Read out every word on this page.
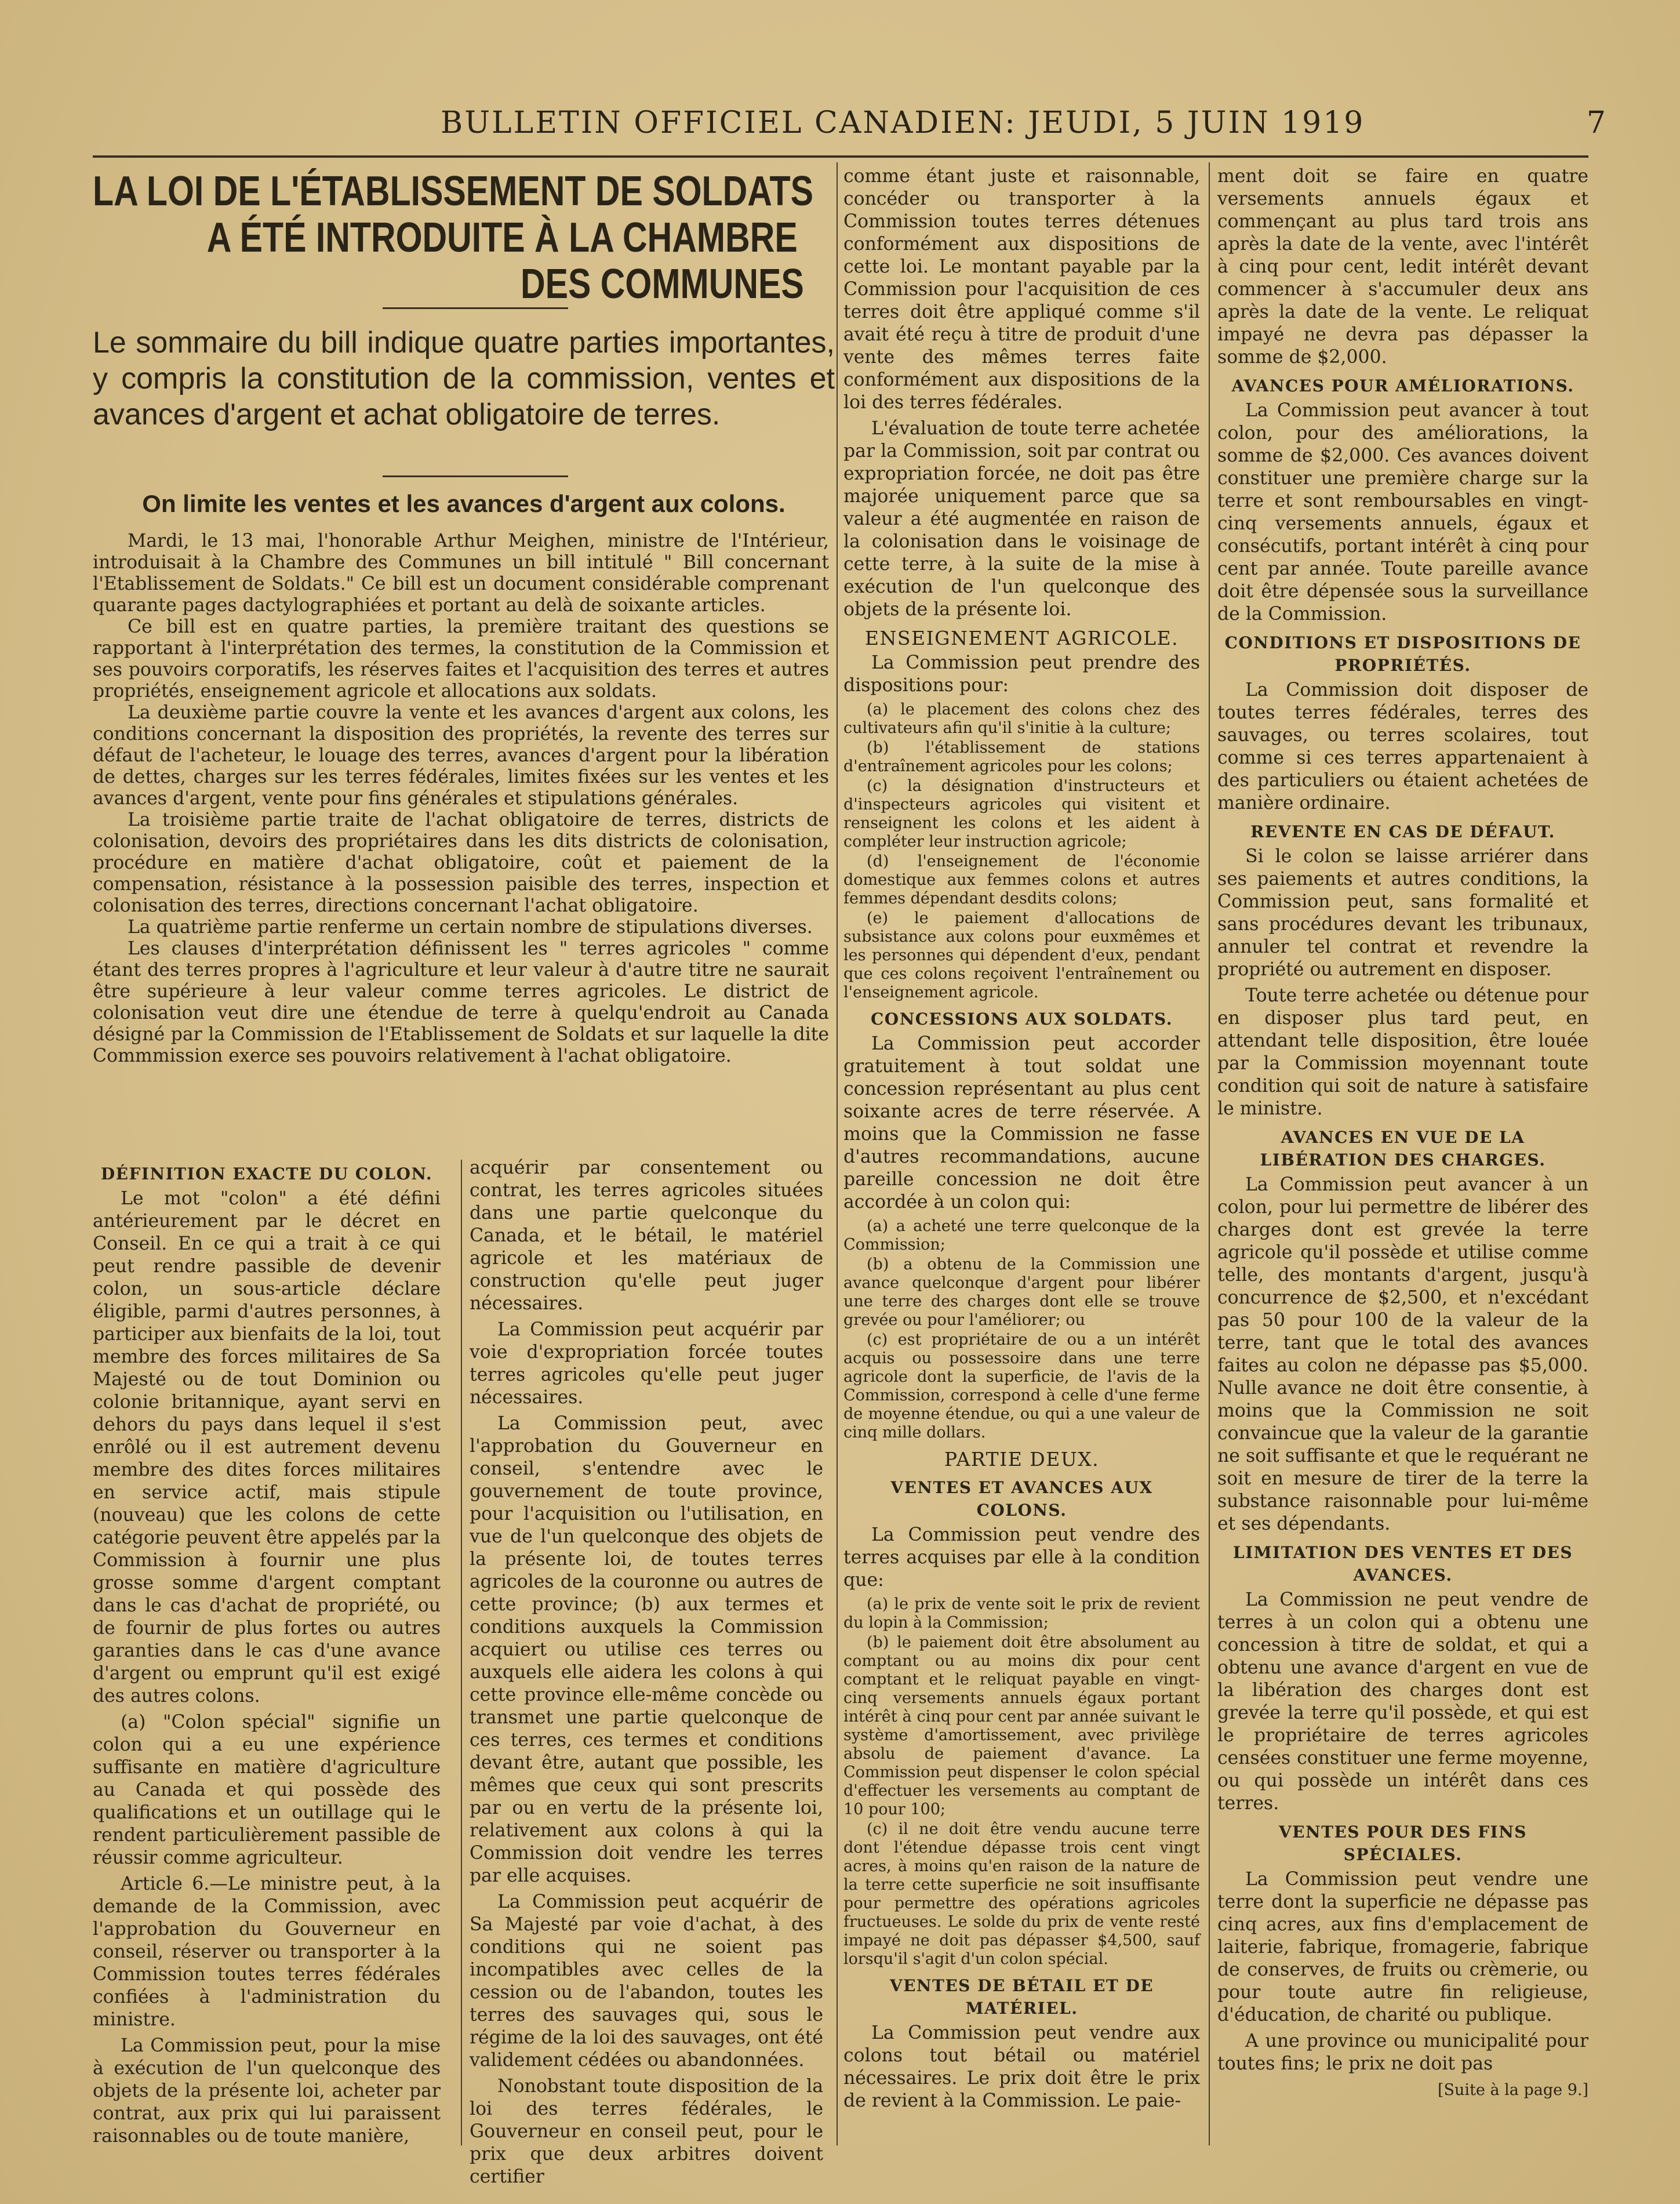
BULLETIN OFFICIEL CANADIEN: JEUDI, 5 JUIN 1919	7
LA LOI DE L'ÉTABLISSEMENT DE SOLDATS
A ÉTÉ INTRODUITE À LA CHAMBRE
DES COMMUNES
Le sommaire du bill indique quatre parties importantes, y compris la constitution de la commission, ventes et avances d'argent et achat obligatoire de terres.
On limite les ventes et les avances d'argent aux colons.

Mardi, le 13 mai, l'honorable Arthur Meighen, ministre de l'Intérieur, introduisait à la Chambre des Communes un bill intitulé " Bill concernant l'Etablissement de Soldats." Ce bill est un document considérable comprenant quarante pages dactylographiées et portant au delà de soixante articles.

Ce bill est en quatre parties, la première traitant des questions se rapportant à l'interprétation des termes, la constitution de la Commission et ses pouvoirs corporatifs, les réserves faites et l'acquisition des terres et autres propriétés, enseignement agricole et allocations aux soldats.

La deuxième partie couvre la vente et les avances d'argent aux colons, les conditions concernant la disposition des propriétés, la revente des terres sur défaut de l'acheteur, le louage des terres, avances d'argent pour la libération de dettes, charges sur les terres fédérales, limites fixées sur les ventes et les avances d'argent, vente pour fins générales et stipulations générales.

La troisième partie traite de l'achat obligatoire de terres, districts de colonisation, devoirs des propriétaires dans les dits districts de colonisation, procédure en matière d'achat obligatoire, coût et paiement de la compensation, résistance à la possession paisible des terres, inspection et colonisation des terres, directions concernant l'achat obligatoire.

La quatrième partie renferme un certain nombre de stipulations diverses.

Les clauses d'interprétation définissent les " terres agricoles " comme étant des terres propres à l'agriculture et leur valeur à d'autre titre ne saurait être supérieure à leur valeur comme terres agricoles. Le district de colonisation veut dire une étendue de terre à quelqu'endroit au Canada désigné par la Commission de l'Etablissement de Soldats et sur laquelle la dite Commmission exerce ses pouvoirs relativement à l'achat obligatoire.

DÉFINITION EXACTE DU COLON.

Le mot "colon" a été défini antérieurement par le décret en Conseil. En ce qui a trait à ce qui peut rendre passible de devenir colon, un sous-article déclare éligible, parmi d'autres personnes, à participer aux bienfaits de la loi, tout membre des forces militaires de Sa Majesté ou de tout Dominion ou colonie britannique, ayant servi en dehors du pays dans lequel il s'est enrôlé ou il est autrement devenu membre des dites forces militaires en service actif, mais stipule (nouveau) que les colons de cette catégorie peuvent être appelés par la Commission à fournir une plus grosse somme d'argent comptant dans le cas d'achat de propriété, ou de fournir de plus fortes ou autres garanties dans le cas d'une avance d'argent ou emprunt qu'il est exigé des autres colons.

(a) "Colon spécial" signifie un colon qui a eu une expérience suffisante en matière d'agriculture au Canada et qui possède des qualifications et un outillage qui le rendent particulièrement passible de réussir comme agriculteur.

Article 6.—Le ministre peut, à la demande de la Commission, avec l'approbation du Gouverneur en conseil, réserver ou transporter à la Commission toutes terres fédérales confiées à l'administration du ministre.

La Commission peut, pour la mise à exécution de l'un quelconque des objets de la présente loi, acheter par contrat, aux prix qui lui paraissent raisonnables ou de toute manière,

acquérir par consentement ou contrat, les terres agricoles situées dans une partie quelconque du Canada, et le bétail, le matériel agricole et les matériaux de construction qu'elle peut juger nécessaires.

La Commission peut acquérir par voie d'expropriation forcée toutes terres agricoles qu'elle peut juger nécessaires.

La Commission peut, avec l'approbation du Gouverneur en conseil, s'entendre avec le gouvernement de toute province, pour l'acquisition ou l'utilisation, en vue de l'un quelconque des objets de la présente loi, de toutes terres agricoles de la couronne ou autres de cette province; (b) aux termes et conditions auxquels la Commission acquiert ou utilise ces terres ou auxquels elle aidera les colons à qui cette province elle-même concède ou transmet une partie quelconque de ces terres, ces termes et conditions devant être, autant que possible, les mêmes que ceux qui sont prescrits par ou en vertu de la présente loi, relativement aux colons à qui la Commission doit vendre les terres par elle acquises.

La Commission peut acquérir de Sa Majesté par voie d'achat, à des conditions qui ne soient pas incompatibles avec celles de la cession ou de l'abandon, toutes les terres des sauvages qui, sous le régime de la loi des sauvages, ont été validement cédées ou abandonnées.

Nonobstant toute disposition de la loi des terres fédérales, le Gouverneur en conseil peut, pour le prix que deux arbitres doivent certifier

comme étant juste et raisonnable, concéder ou transporter à la Commission toutes terres détenues conformément aux dispositions de cette loi. Le montant payable par la Commission pour l'acquisition de ces terres doit être appliqué comme s'il avait été reçu à titre de produit d'une vente des mêmes terres faite conformément aux dispositions de la loi des terres fédérales.

L'évaluation de toute terre achetée par la Commission, soit par contrat ou expropriation forcée, ne doit pas être majorée uniquement parce que sa valeur a été augmentée en raison de la colonisation dans le voisinage de cette terre, à la suite de la mise à exécution de l'un quelconque des objets de la présente loi.

ENSEIGNEMENT AGRICOLE.

La Commission peut prendre des dispositions pour:

(a) le placement des colons chez des cultivateurs afin qu'il s'initie à la culture;

(b) l'établissement de stations d'entraînement agricoles pour les colons;

(c) la désignation d'instructeurs et d'inspecteurs agricoles qui visitent et renseignent les colons et les aident à compléter leur instruction agricole;

(d) l'enseignement de l'économie domestique aux femmes colons et autres femmes dépendant desdits colons;

(e) le paiement d'allocations de subsistance aux colons pour euxmêmes et les personnes qui dépendent d'eux, pendant que ces colons reçoivent l'entraînement ou l'enseignement agricole.

CONCESSIONS AUX SOLDATS.

La Commission peut accorder gratuitement à tout soldat une concession représentant au plus cent soixante acres de terre réservée. A moins que la Commission ne fasse d'autres recommandations, aucune pareille concession ne doit être accordée à un colon qui:

(a) a acheté une terre quelconque de la Commission;

(b) a obtenu de la Commission une avance quelconque d'argent pour libérer une terre des charges dont elle se trouve grevée ou pour l'améliorer; ou

(c) est propriétaire de ou a un intérêt acquis ou possessoire dans une terre agricole dont la superficie, de l'avis de la Commission, correspond à celle d'une ferme de moyenne étendue, ou qui a une valeur de cinq mille dollars.

PARTIE DEUX.
VENTES ET AVANCES AUX COLONS.

La Commission peut vendre des terres acquises par elle à la condition que:

(a) le prix de vente soit le prix de revient du lopin à la Commission;

(b) le paiement doit être absolument au comptant ou au moins dix pour cent comptant et le reliquat payable en vingt-cinq versements annuels égaux portant intérêt à cinq pour cent par année suivant le système d'amortissement, avec privilège absolu de paiement d'avance. La Commission peut dispenser le colon spécial d'effectuer les versements au comptant de 10 pour 100;

(c) il ne doit être vendu aucune terre dont l'étendue dépasse trois cent vingt acres, à moins qu'en raison de la nature de la terre cette superficie ne soit insuffisante pour permettre des opérations agricoles fructueuses. Le solde du prix de vente resté impayé ne doit pas dépasser $4,500, sauf lorsqu'il s'agit d'un colon spécial.

VENTES DE BÉTAIL ET DE MATÉRIEL.

La Commission peut vendre aux colons tout bétail ou matériel nécessaires. Le prix doit être le prix de revient à la Commission. Le paie-

ment doit se faire en quatre versements annuels égaux et commençant au plus tard trois ans après la date de la vente, avec l'intérêt à cinq pour cent, ledit intérêt devant commencer à s'accumuler deux ans après la date de la vente. Le reliquat impayé ne devra pas dépasser la somme de $2,000.

AVANCES POUR AMÉLIORATIONS.

La Commission peut avancer à tout colon, pour des améliorations, la somme de $2,000. Ces avances doivent constituer une première charge sur la terre et sont remboursables en vingt-cinq versements annuels, égaux et consécutifs, portant intérêt à cinq pour cent par année. Toute pareille avance doit être dépensée sous la surveillance de la Commission.

CONDITIONS ET DISPOSITIONS DE PROPRIÉTÉS.

La Commission doit disposer de toutes terres fédérales, terres des sauvages, ou terres scolaires, tout comme si ces terres appartenaient à des particuliers ou étaient achetées de manière ordinaire.

REVENTE EN CAS DE DÉFAUT.

Si le colon se laisse arriérer dans ses paiements et autres conditions, la Commission peut, sans formalité et sans procédures devant les tribunaux, annuler tel contrat et revendre la propriété ou autrement en disposer.

Toute terre achetée ou détenue pour en disposer plus tard peut, en attendant telle disposition, être louée par la Commission moyennant toute condition qui soit de nature à satisfaire le ministre.

AVANCES EN VUE DE LA LIBÉRATION DES CHARGES.

La Commission peut avancer à un colon, pour lui permettre de libérer des charges dont est grevée la terre agricole qu'il possède et utilise comme telle, des montants d'argent, jusqu'à concurrence de $2,500, et n'excédant pas 50 pour 100 de la valeur de la terre, tant que le total des avances faites au colon ne dépasse pas $5,000. Nulle avance ne doit être consentie, à moins que la Commission ne soit convaincue que la valeur de la garantie ne soit suffisante et que le requérant ne soit en mesure de tirer de la terre la substance raisonnable pour lui-même et ses dépendants.

LIMITATION DES VENTES ET DES AVANCES.

La Commission ne peut vendre de terres à un colon qui a obtenu une concession à titre de soldat, et qui a obtenu une avance d'argent en vue de la libération des charges dont est grevée la terre qu'il possède, et qui est le propriétaire de terres agricoles censées constituer une ferme moyenne, ou qui possède un intérêt dans ces terres.

VENTES POUR DES FINS SPÉCIALES.

La Commission peut vendre une terre dont la superficie ne dépasse pas cinq acres, aux fins d'emplacement de laiterie, fabrique, fromagerie, fabrique de conserves, de fruits ou crèmerie, ou pour toute autre fin religieuse, d'éducation, de charité ou publique.

A une province ou municipalité pour toutes fins; le prix ne doit pas

[Suite à la page 9.]
